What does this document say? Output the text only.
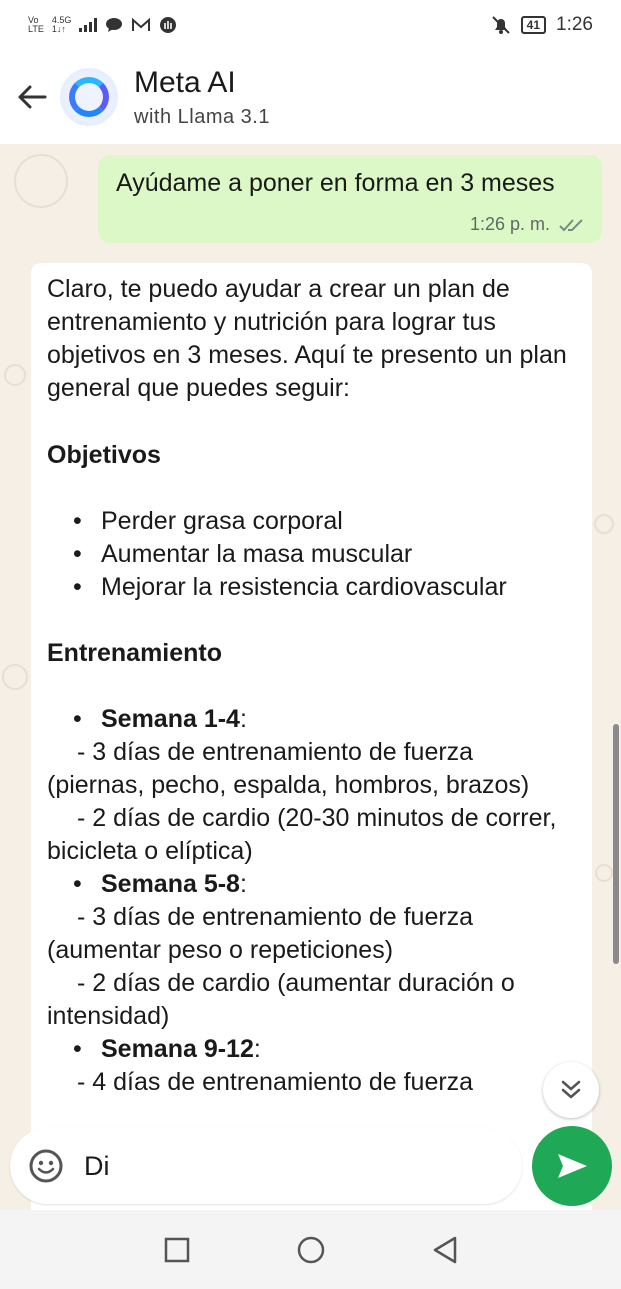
Vo
LTE
4.5G
1↓↑	41 1:26
Meta AI
with Llama 3.1
Ayúdame a poner en forma en 3 meses
1:26 p. m.
Claro, te puedo ayudar a crear un plan de entrenamiento y nutrición para lograr tus objetivos en 3 meses. Aquí te presento un plan general que puedes seguir:
Objetivos
• Perder grasa corporal
• Aumentar la masa muscular
• Mejorar la resistencia cardiovascular
Entrenamiento
• Semana 1-4:
- 3 días de entrenamiento de fuerza (piernas, pecho, espalda, hombros, brazos)
- 2 días de cardio (20-30 minutos de correr, bicicleta o elíptica)
• Semana 5-8:
- 3 días de entrenamiento de fuerza (aumentar peso o repeticiones)
- 2 días de cardio (aumentar duración o intensidad)
• Semana 9-12:
- 4 días de entrenamiento de fuerza
Di
